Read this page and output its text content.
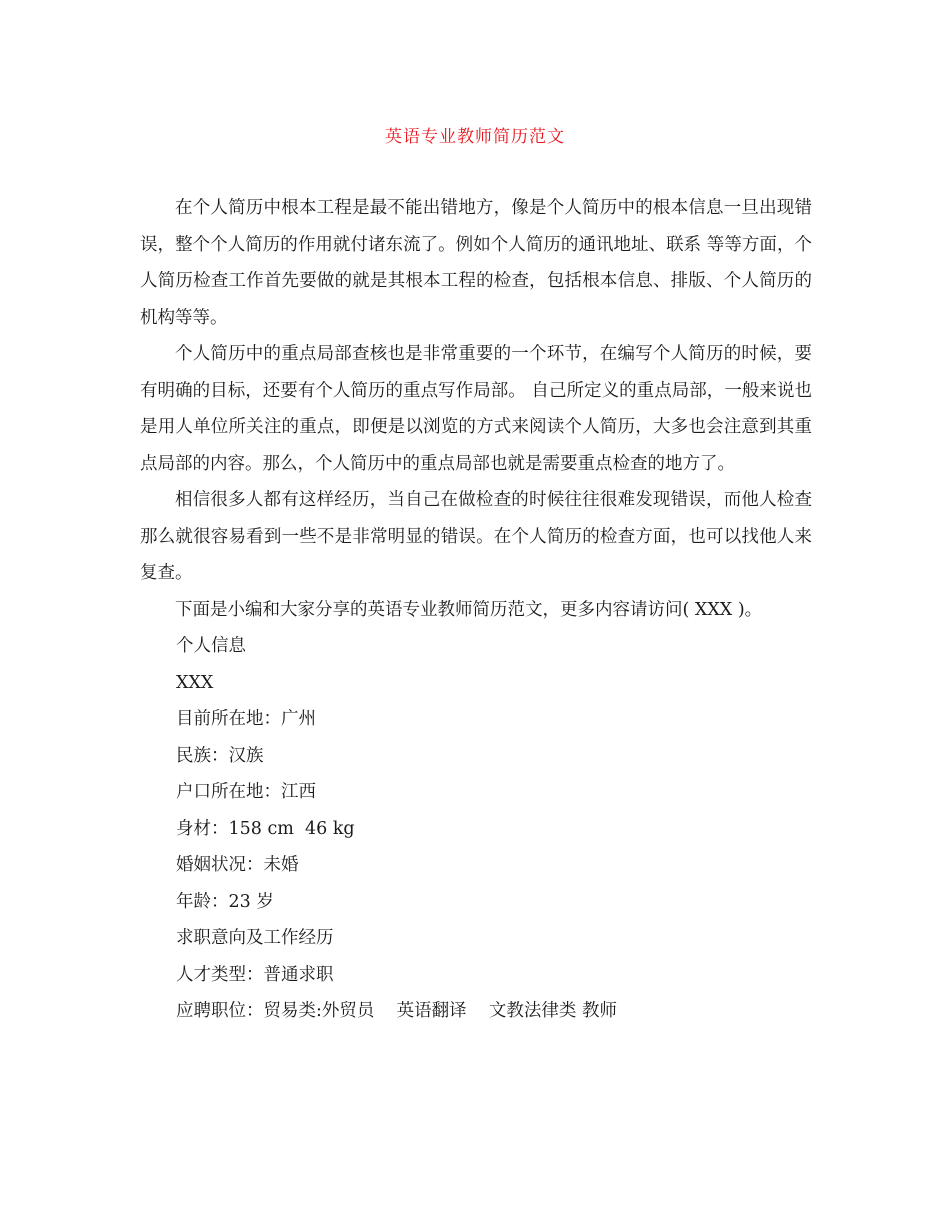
英语专业教师简历范文

在个人简历中根本工程是最不能出错地方，像是个人简历中的根本信息一旦出现错误，整个个人简历的作用就付诸东流了。例如个人简历的通讯地址、联系 等等方面，个人简历检查工作首先要做的就是其根本工程的检查，包括根本信息、排版、个人简历的机构等等。

个人简历中的重点局部查核也是非常重要的一个环节，在编写个人简历的时候，要有明确的目标，还要有个人简历的重点写作局部。 自己所定义的重点局部，一般来说也是用人单位所关注的重点，即便是以浏览的方式来阅读个人简历，大多也会注意到其重点局部的内容。那么，个人简历中的重点局部也就是需要重点检查的地方了。

相信很多人都有这样经历，当自己在做检查的时候往往很难发现错误，而他人检查那么就很容易看到一些不是非常明显的错误。在个人简历的检查方面，也可以找他人来复查。

下面是小编和大家分享的英语专业教师简历范文，更多内容请访问( XXX )。

个人信息

XXX

目前所在地：广州

民族：汉族

户口所在地：江西

身材：158 cm  46 kg

婚姻状况：未婚

年龄：23 岁

求职意向及工作经历

人才类型：普通求职

应聘职位：贸易类:外贸员    英语翻译    文教法律类 教师
